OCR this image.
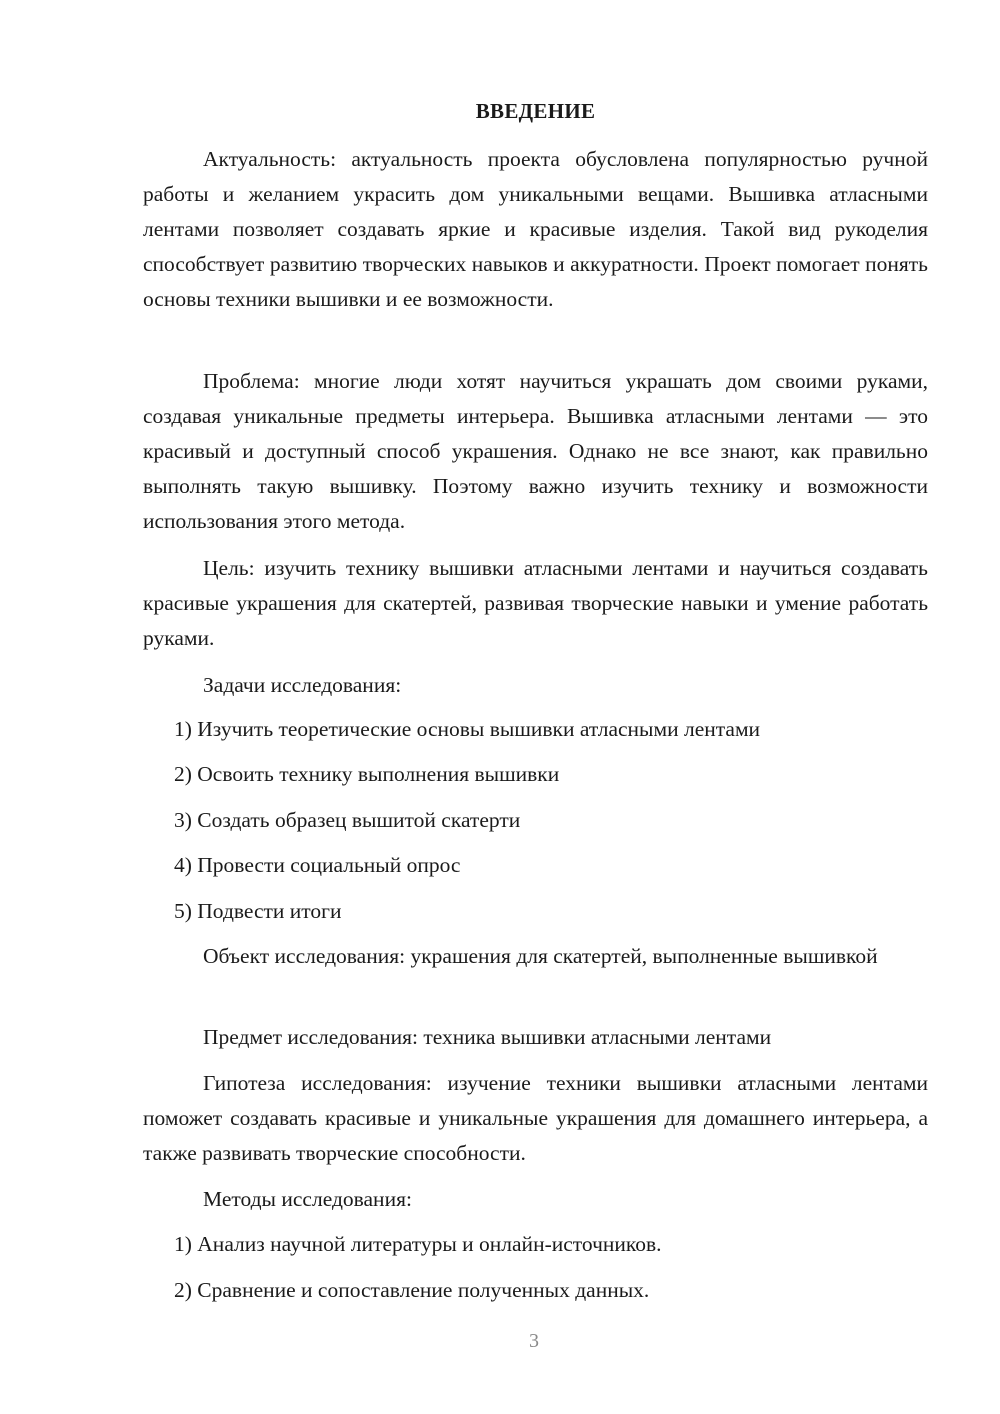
ВВЕДЕНИЕ

Актуальность: актуальность проекта обусловлена популярностью ручной работы и желанием украсить дом уникальными вещами. Вышивка атласными лентами позволяет создавать яркие и красивые изделия. Такой вид рукоделия способствует развитию творческих навыков и аккуратности. Проект помогает понять основы техники вышивки и ее возможности.

Проблема: многие люди хотят научиться украшать дом своими руками, создавая уникальные предметы интерьера. Вышивка атласными лентами — это красивый и доступный способ украшения. Однако не все знают, как правильно выполнять такую вышивку. Поэтому важно изучить технику и возможности использования этого метода.

Цель: изучить технику вышивки атласными лентами и научиться создавать красивые украшения для скатертей, развивая творческие навыки и умение работать руками.

Задачи исследования:

1) Изучить теоретические основы вышивки атласными лентами

2) Освоить технику выполнения вышивки

3) Создать образец вышитой скатерти

4) Провести социальный опрос

5) Подвести итоги

Объект исследования: украшения для скатертей, выполненные вышивкой

Предмет исследования: техника вышивки атласными лентами

Гипотеза исследования: изучение техники вышивки атласными лентами поможет создавать красивые и уникальные украшения для домашнего интерьера, а также развивать творческие способности.

Методы исследования:

1) Анализ научной литературы и онлайн-источников.

2) Сравнение и сопоставление полученных данных.

3
